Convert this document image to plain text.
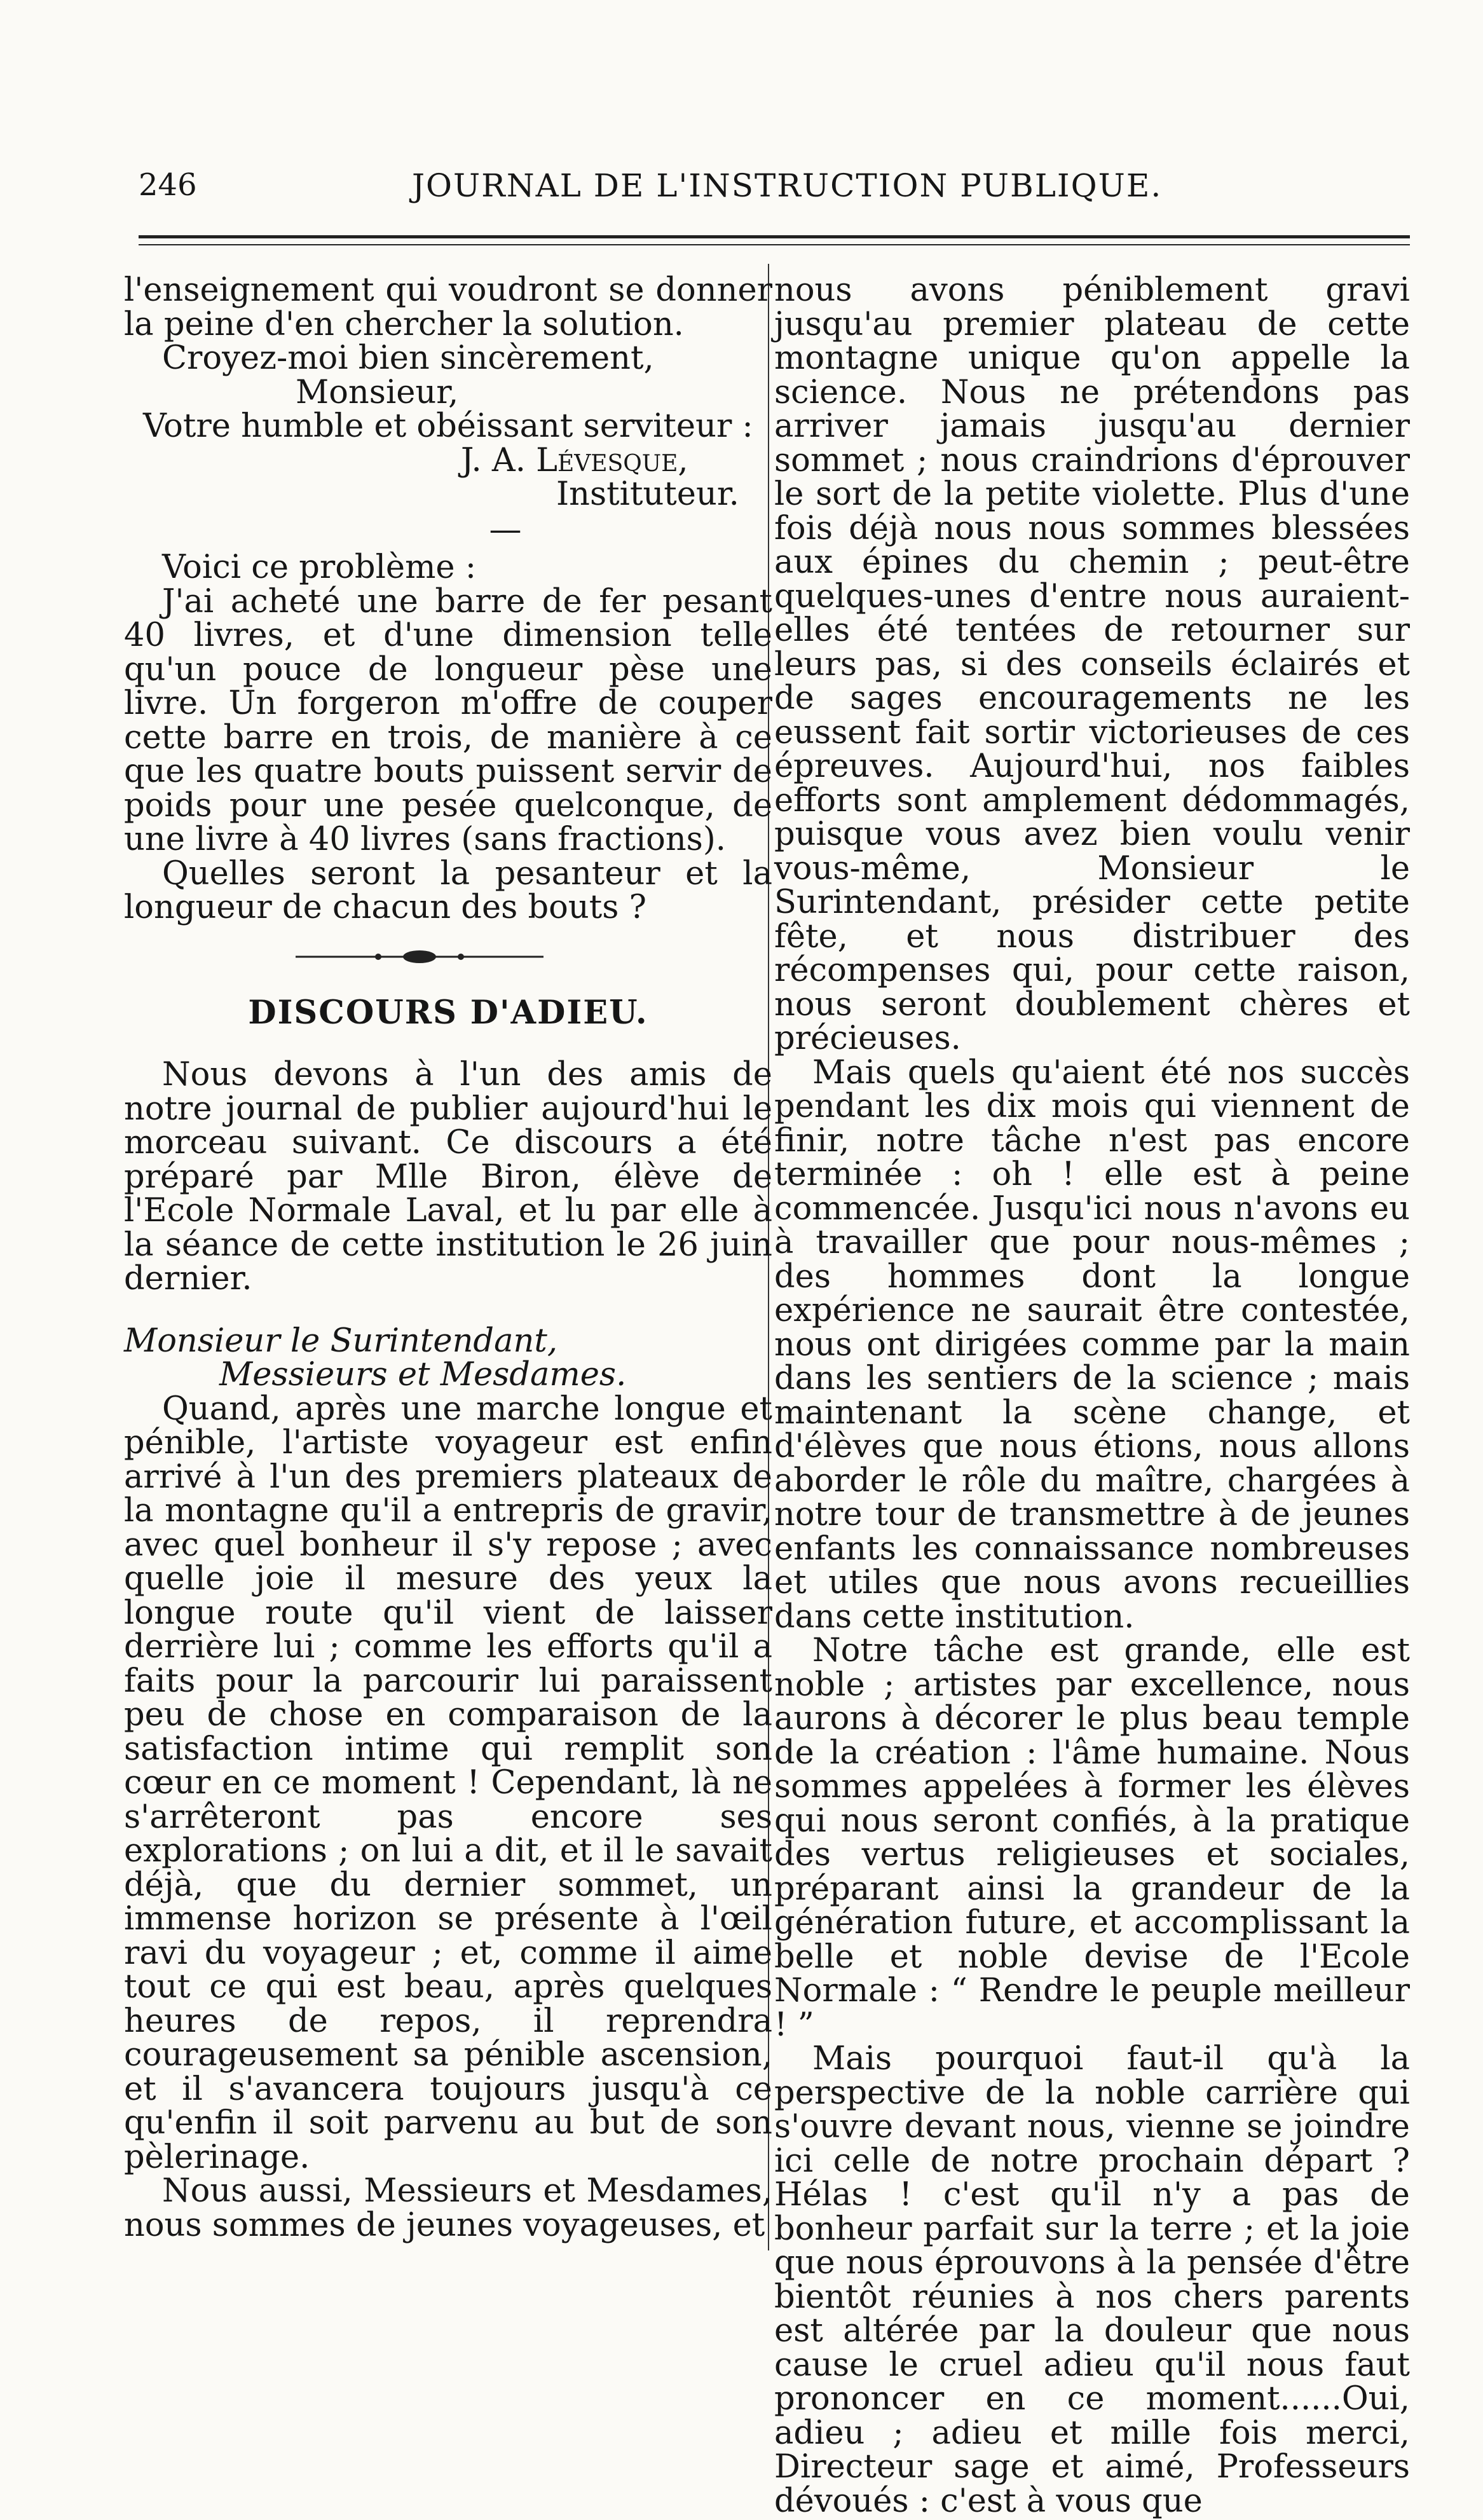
246	JOURNAL DE L'INSTRUCTION PUBLIQUE.

l'enseignement qui voudront se donner la peine d'en chercher la solution.

Croyez-moi bien sincèrement,

Monsieur,

Votre humble et obéissant serviteur :

J. A. Lévesque,

Instituteur.

—

Voici ce problème :

J'ai acheté une barre de fer pesant 40 livres, et d'une dimension telle qu'un pouce de longueur pèse une livre. Un forgeron m'offre de couper cette barre en trois, de manière à ce que les quatre bouts puissent servir de poids pour une pesée quelconque, de une livre à 40 livres (sans fractions).

Quelles seront la pesanteur et la longueur de chacun des bouts ?

DISCOURS D'ADIEU.

Nous devons à l'un des amis de notre journal de publier aujourd'hui le morceau suivant. Ce discours a été préparé par Mlle Biron, élève de l'Ecole Normale Laval, et lu par elle à la séance de cette institution le 26 juin dernier.

Monsieur le Surintendant,

Messieurs et Mesdames.

Quand, après une marche longue et pénible, l'artiste voyageur est enfin arrivé à l'un des premiers plateaux de la montagne qu'il a entrepris de gravir, avec quel bonheur il s'y repose ; avec quelle joie il mesure des yeux la longue route qu'il vient de laisser derrière lui ; comme les efforts qu'il a faits pour la parcourir lui paraissent peu de chose en comparaison de la satisfaction intime qui remplit son cœur en ce moment ! Cependant, là ne s'arrêteront pas encore ses explorations ; on lui a dit, et il le savait déjà, que du dernier sommet, un immense horizon se présente à l'œil ravi du voyageur ; et, comme il aime tout ce qui est beau, après quelques heures de repos, il reprendra courageusement sa pénible ascension, et il s'avancera toujours jusqu'à ce qu'enfin il soit parvenu au but de son pèlerinage.

Nous aussi, Messieurs et Mesdames, nous sommes de jeunes voyageuses, et

nous avons péniblement gravi jusqu'au premier plateau de cette montagne unique qu'on appelle la science. Nous ne prétendons pas arriver jamais jusqu'au dernier sommet ; nous craindrions d'éprouver le sort de la petite violette. Plus d'une fois déjà nous nous sommes blessées aux épines du chemin ; peut-être quelques-unes d'entre nous auraient-elles été tentées de retourner sur leurs pas, si des conseils éclairés et de sages encouragements ne les eussent fait sortir victorieuses de ces épreuves. Aujourd'hui, nos faibles efforts sont amplement dédommagés, puisque vous avez bien voulu venir vous-même, Monsieur le Surintendant, présider cette petite fête, et nous distribuer des récompenses qui, pour cette raison, nous seront doublement chères et précieuses.

Mais quels qu'aient été nos succès pendant les dix mois qui viennent de finir, notre tâche n'est pas encore terminée : oh ! elle est à peine commencée. Jusqu'ici nous n'avons eu à travailler que pour nous-mêmes ; des hommes dont la longue expérience ne saurait être contestée, nous ont dirigées comme par la main dans les sentiers de la science ; mais maintenant la scène change, et d'élèves que nous étions, nous allons aborder le rôle du maître, chargées à notre tour de transmettre à de jeunes enfants les connaissance nombreuses et utiles que nous avons recueillies dans cette institution.

Notre tâche est grande, elle est noble ; artistes par excellence, nous aurons à décorer le plus beau temple de la création : l'âme humaine. Nous sommes appelées à former les élèves qui nous seront confiés, à la pratique des vertus religieuses et sociales, préparant ainsi la grandeur de la génération future, et accomplissant la belle et noble devise de l'Ecole Normale : “ Rendre le peuple meilleur ! ”

Mais pourquoi faut-il qu'à la perspective de la noble carrière qui s'ouvre devant nous, vienne se joindre ici celle de notre prochain départ ? Hélas ! c'est qu'il n'y a pas de bonheur parfait sur la terre ; et la joie que nous éprouvons à la pensée d'être bientôt réunies à nos chers parents est altérée par la douleur que nous cause le cruel adieu qu'il nous faut prononcer en ce moment......Oui, adieu ; adieu et mille fois merci, Directeur sage et aimé, Professeurs dévoués : c'est à vous que
